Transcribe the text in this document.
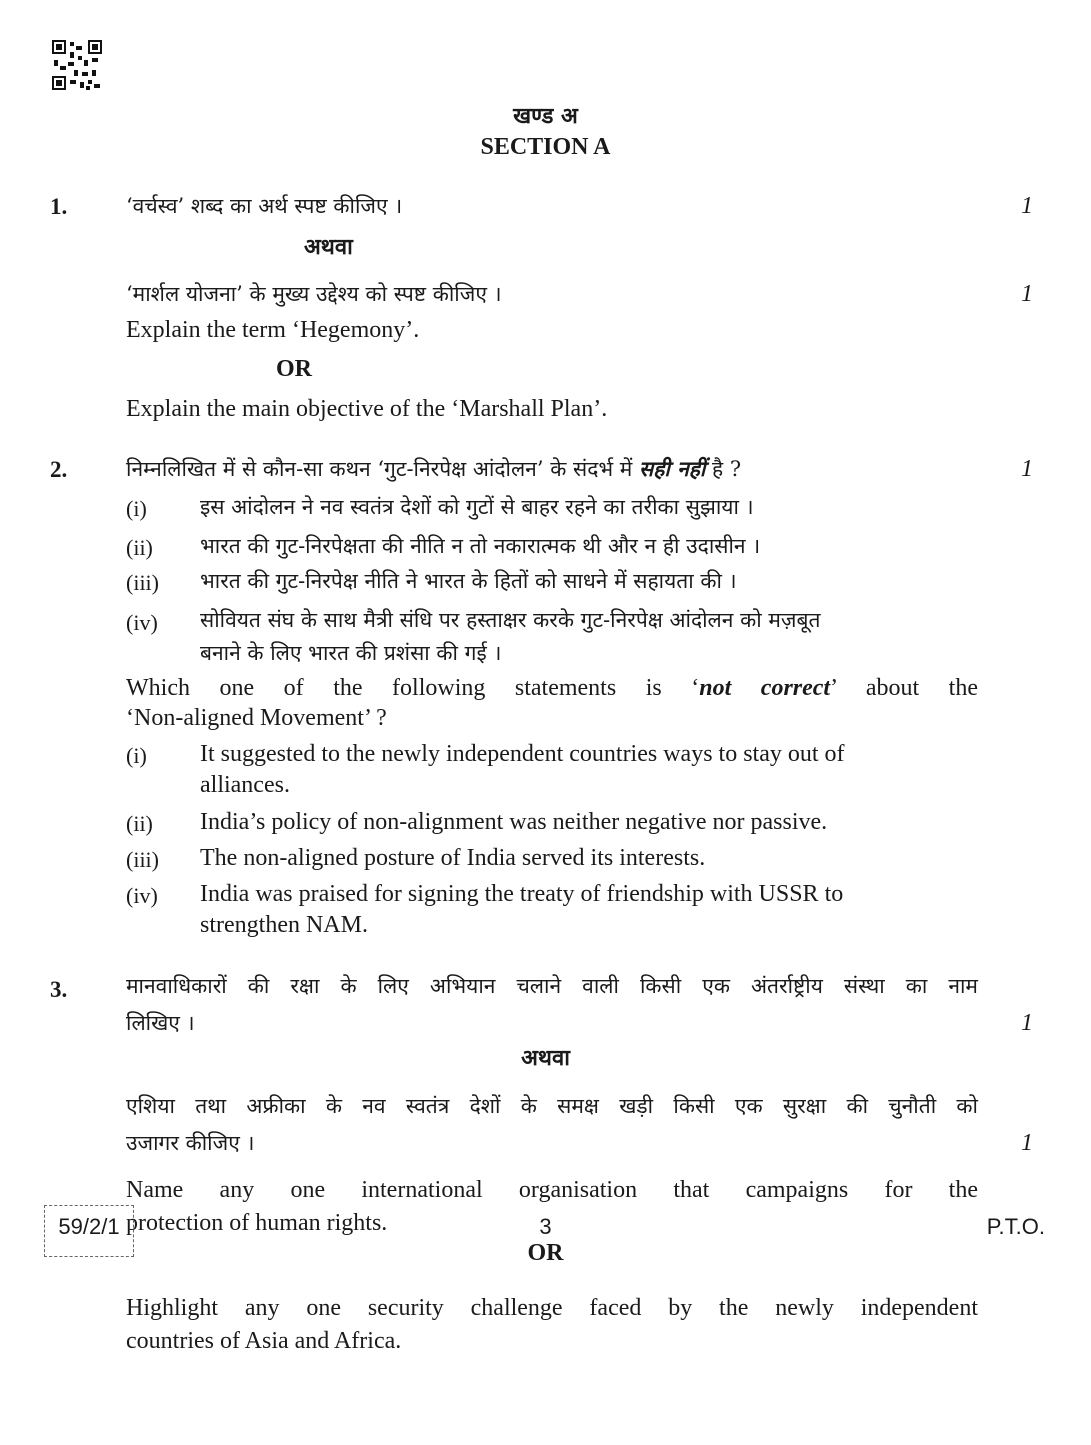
खण्ड अ
SECTION A
1.	‘वर्चस्व’ शब्द का अर्थ स्पष्ट कीजिए ।	1
अथवा
‘मार्शल योजना’ के मुख्य उद्देश्य को स्पष्ट कीजिए ।	1
Explain the term ‘Hegemony’.
OR
Explain the main objective of the ‘Marshall Plan’.
2.	निम्नलिखित में से कौन-सा कथन ‘गुट-निरपेक्ष आंदोलन’ के संदर्भ में सही नहीं है ?	1
(i)	इस आंदोलन ने नव स्वतंत्र देशों को गुटों से बाहर रहने का तरीका सुझाया ।
(ii) भारत की गुट-निरपेक्षता की नीति न तो नकारात्मक थी और न ही उदासीन ।
(iii) भारत की गुट-निरपेक्ष नीति ने भारत के हितों को साधने में सहायता की ।
(iv) सोवियत संघ के साथ मैत्री संधि पर हस्ताक्षर करके गुट-निरपेक्ष आंदोलन को मज़बूत
बनाने के लिए भारत की प्रशंसा की गई ।
Which one of the following statements is ‘not correct’ about the
‘Non-aligned Movement’ ?
(i) It suggested to the newly independent countries ways to stay out of
alliances.
(ii) India’s policy of non-alignment was neither negative nor passive.
(iii) The non-aligned posture of India served its interests.
(iv) India was praised for signing the treaty of friendship with USSR to
strengthen NAM.
3.	मानवाधिकारों की रक्षा के लिए अभियान चलाने वाली किसी एक अंतर्राष्ट्रीय संस्था का नाम
लिखिए ।	1
अथवा
एशिया तथा अफ्रीका के नव स्वतंत्र देशों के समक्ष खड़ी किसी एक सुरक्षा की चुनौती को
उजागर कीजिए ।	1
Name any one international organisation that campaigns for the
protection of human rights.
OR
Highlight any one security challenge faced by the newly independent
countries of Asia and Africa.
59/2/1	3	P.T.O.
